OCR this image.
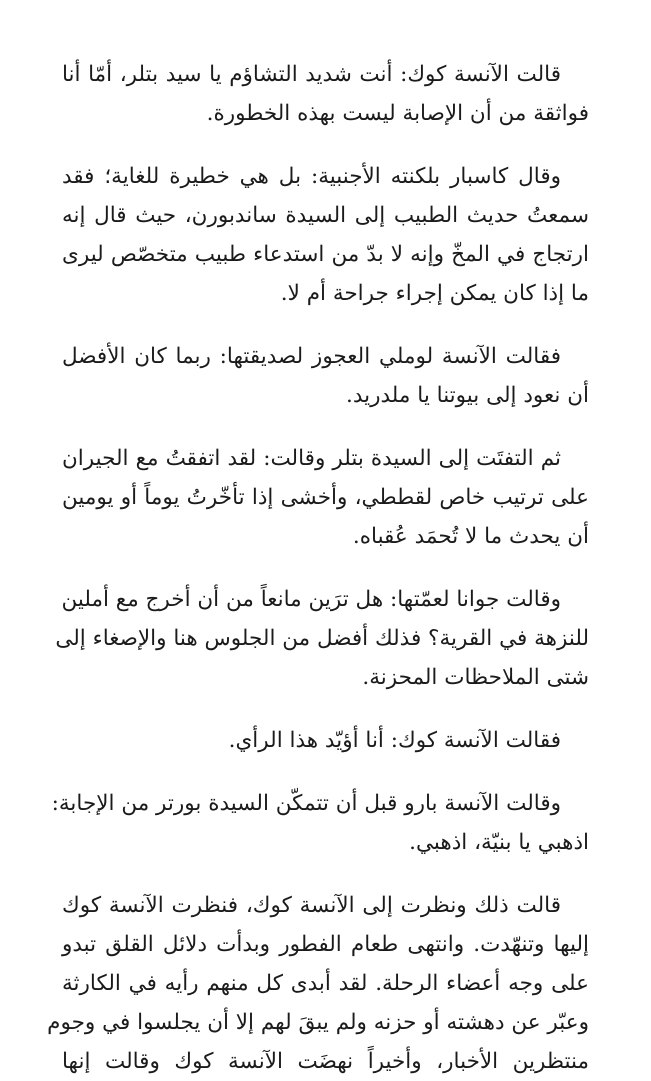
قالت الآنسة كوك: أنت شديد التشاؤم يا سيد بتلر، أمّا أنا
فواثقة من أن الإصابة ليست بهذه الخطورة.

وقال كاسبار بلكنته الأجنبية: بل هي خطيرة للغاية؛ فقد
سمعتُ حديث الطبيب إلى السيدة ساندبورن، حيث قال إنه
ارتجاج في المخّ وإنه لا بدّ من استدعاء طبيب متخصّص ليرى
ما إذا كان يمكن إجراء جراحة أم لا.

فقالت الآنسة لوملي العجوز لصديقتها: ربما كان الأفضل
أن نعود إلى بيوتنا يا ملدريد.

ثم التفتَت إلى السيدة بتلر وقالت: لقد اتفقتُ مع الجيران
على ترتيب خاص لقططي، وأخشى إذا تأخّرتُ يوماً أو يومين
أن يحدث ما لا تُحمَد عُقباه.

وقالت جوانا لعمّتها: هل ترَين مانعاً من أن أخرج مع أملين
للنزهة في القرية؟ فذلك أفضل من الجلوس هنا والإصغاء إلى
شتى الملاحظات المحزنة.

فقالت الآنسة كوك: أنا أؤيّد هذا الرأي.

وقالت الآنسة بارو قبل أن تتمكّن السيدة بورتر من الإجابة:
اذهبي يا بنيّة، اذهبي.

قالت ذلك ونظرت إلى الآنسة كوك، فنظرت الآنسة كوك
إليها وتنهّدت. وانتهى طعام الفطور وبدأت دلائل القلق تبدو
على وجه أعضاء الرحلة. لقد أبدى كل منهم رأيه في الكارثة
وعبّر عن دهشته أو حزنه ولم يبقَ لهم إلا أن يجلسوا في وجوم
منتظرين الأخبار، وأخيراً نهضَت الآنسة كوك وقالت إنها
